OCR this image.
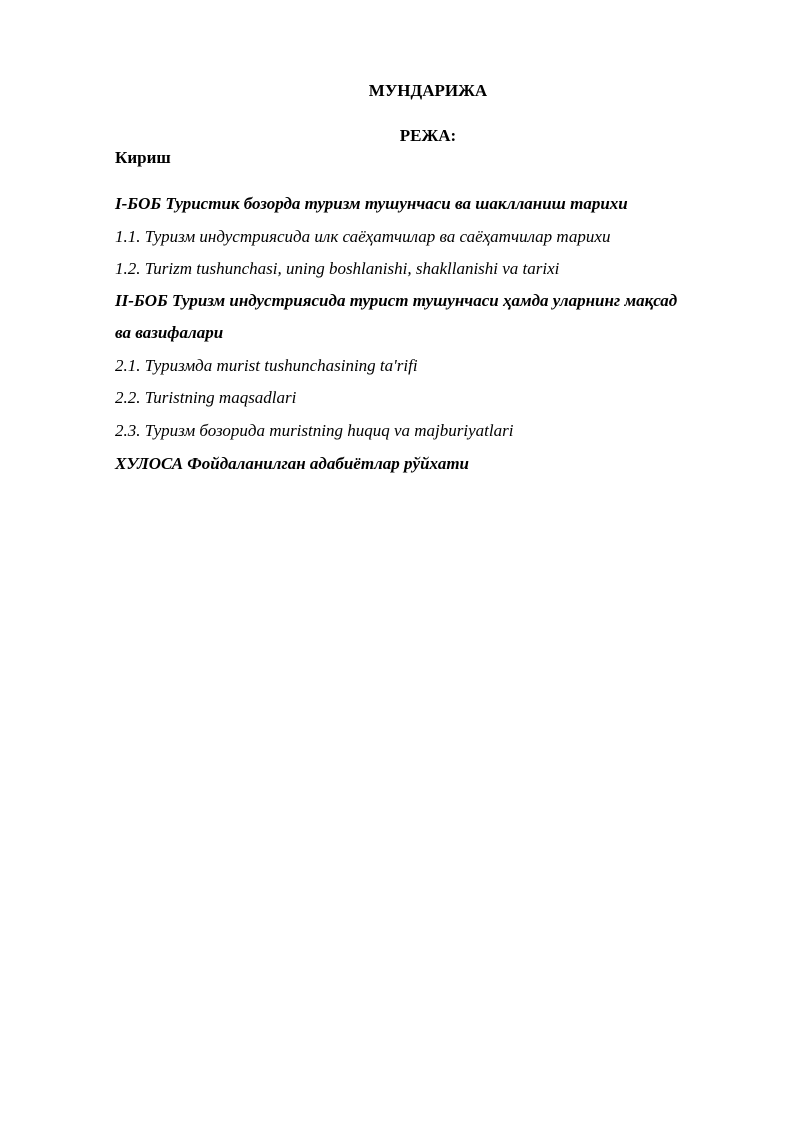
МУНДАРИЖА
РЕЖА:
Кириш
I-БОБ Туристик бозорда туризм тушунчаси ва шаклланиш тарихи
1.1. Туризм индустриясида илк саёҳатчилар ва саёҳатчилар тарихи
1.2. Turizm tushunchasi, uning boshlanishi, shakllanishi va tarixi
II-БОБ Туризм индустриясида турист тушунчаси ҳамда уларнинг мақсад
ва вазифалари
2.1. Туризмда murist tushunchasining ta'rifi
2.2. Turistning maqsadlari
2.3. Туризм бозорида muristning huquq va majburiyatlari
ХУЛОСА Фойдаланилган адабиётлар рўйхати
